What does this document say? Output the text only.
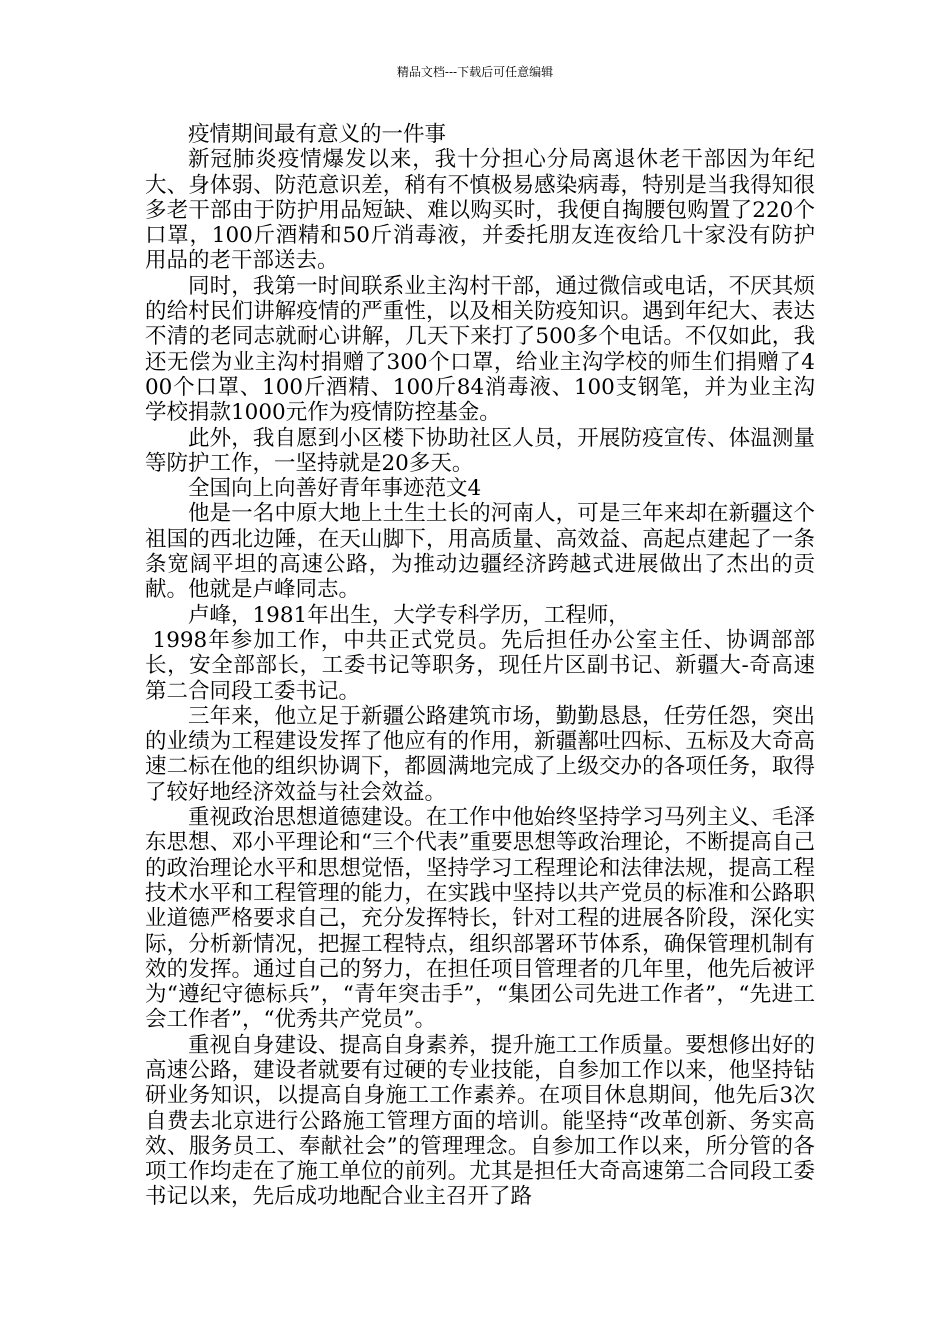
精品文档---下载后可任意编辑

疫情期间最有意义的一件事

新冠肺炎疫情爆发以来，我十分担心分局离退休老干部因为年纪大、身体弱、防范意识差，稍有不慎极易感染病毒，特别是当我得知很多老干部由于防护用品短缺、难以购买时，我便自掏腰包购置了220个口罩，100斤酒精和50斤消毒液，并委托朋友连夜给几十家没有防护用品的老干部送去。

同时，我第一时间联系业主沟村干部，通过微信或电话，不厌其烦的给村民们讲解疫情的严重性，以及相关防疫知识。遇到年纪大、表达不清的老同志就耐心讲解，几天下来打了500多个电话。不仅如此，我还无偿为业主沟村捐赠了300个口罩，给业主沟学校的师生们捐赠了400个口罩、100斤酒精、100斤84消毒液、100支钢笔，并为业主沟学校捐款1000元作为疫情防控基金。

此外，我自愿到小区楼下协助社区人员，开展防疫宣传、体温测量等防护工作，一坚持就是20多天。

全国向上向善好青年事迹范文4

他是一名中原大地上土生土长的河南人，可是三年来却在新疆这个祖国的西北边陲，在天山脚下，用高质量、高效益、高起点建起了一条条宽阔平坦的高速公路，为推动边疆经济跨越式进展做出了杰出的贡献。他就是卢峰同志。

卢峰，1981年出生，大学专科学历，工程师，

1998年参加工作，中共正式党员。先后担任办公室主任、协调部部长，安全部部长，工委书记等职务，现任片区副书记、新疆大-奇高速第二合同段工委书记。

三年来，他立足于新疆公路建筑市场，勤勤恳恳，任劳任怨，突出的业绩为工程建设发挥了他应有的作用，新疆鄯吐四标、五标及大奇高速二标在他的组织协调下，都圆满地完成了上级交办的各项任务，取得了较好地经济效益与社会效益。

重视政治思想道德建设。在工作中他始终坚持学习马列主义、毛泽东思想、邓小平理论和“三个代表”重要思想等政治理论，不断提高自己的政治理论水平和思想觉悟，坚持学习工程理论和法律法规，提高工程技术水平和工程管理的能力，在实践中坚持以共产党员的标准和公路职业道德严格要求自己，充分发挥特长，针对工程的进展各阶段，深化实际，分析新情况，把握工程特点，组织部署环节体系，确保管理机制有效的发挥。通过自己的努力，在担任项目管理者的几年里，他先后被评为“遵纪守德标兵”，“青年突击手”，“集团公司先进工作者”，“先进工会工作者”，“优秀共产党员”。

重视自身建设、提高自身素养，提升施工工作质量。要想修出好的高速公路，建设者就要有过硬的专业技能，自参加工作以来，他坚持钻研业务知识，以提高自身施工工作素养。在项目休息期间，他先后3次自费去北京进行公路施工管理方面的培训。能坚持“改革创新、务实高效、服务员工、奉献社会”的管理理念。自参加工作以来，所分管的各项工作均走在了施工单位的前列。尤其是担任大奇高速第二合同段工委书记以来，先后成功地配合业主召开了路
